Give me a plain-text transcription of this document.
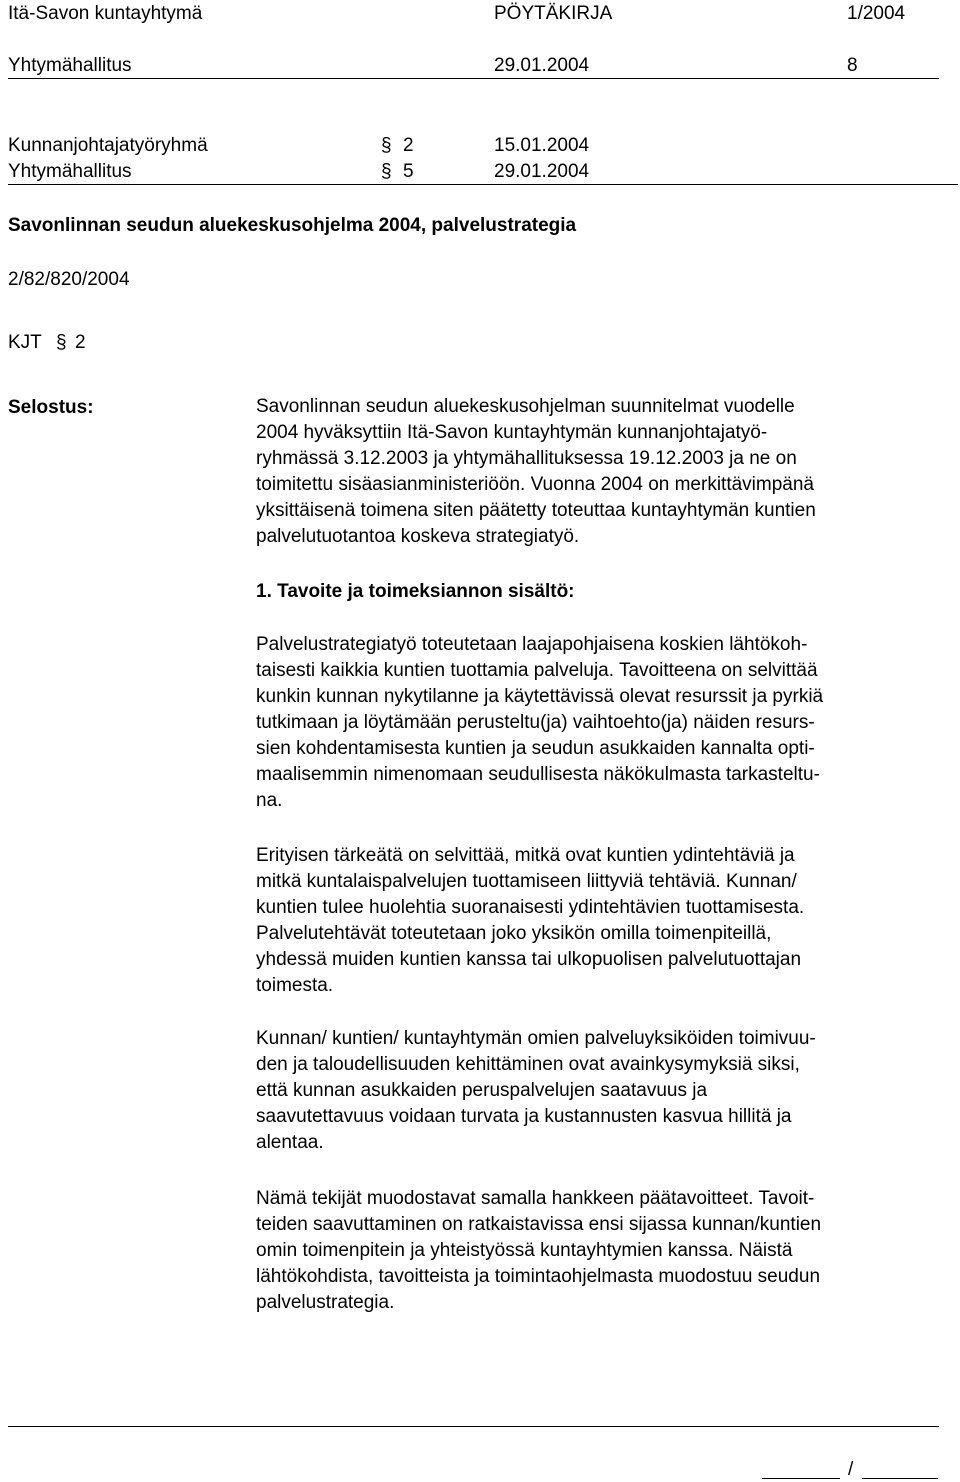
Itä-Savon kuntayhtymä	PÖYTÄKIRJA	1/2004
Yhtymähallitus	29.01.2004	8
Kunnanjohtajatyöryhmä	§ 2	15.01.2004
Yhtymähallitus	§ 5	29.01.2004
Savonlinnan seudun aluekeskusohjelma 2004, palvelustrategia
2/82/820/2004
KJT § 2
Selostus:	Savonlinnan seudun aluekeskusohjelman suunnitelmat vuodelle
2004 hyväksyttiin Itä-Savon kuntayhtymän kunnanjohtajatyö-
ryhmässä 3.12.2003 ja yhtymähallituksessa 19.12.2003 ja ne on
toimitettu sisäasianministeriöön. Vuonna 2004 on merkittävimpänä
yksittäisenä toimena siten päätetty toteuttaa kuntayhtymän kuntien
palvelutuotantoa koskeva strategiatyö.
1. Tavoite ja toimeksiannon sisältö:
Palvelustrategiatyö toteutetaan laajapohjaisena koskien lähtökoh-
taisesti kaikkia kuntien tuottamia palveluja. Tavoitteena on selvittää
kunkin kunnan nykytilanne ja käytettävissä olevat resurssit ja pyrkiä
tutkimaan ja löytämään perusteltu(ja) vaihtoehto(ja) näiden resurs-
sien kohdentamisesta kuntien ja seudun asukkaiden kannalta opti-
maalisemmin nimenomaan seudullisesta näkökulmasta tarkasteltu-
na.
Erityisen tärkeätä on selvittää, mitkä ovat kuntien ydintehtäviä ja
mitkä kuntalaispalvelujen tuottamiseen liittyviä tehtäviä. Kunnan/
kuntien tulee huolehtia suoranaisesti ydintehtävien tuottamisesta.
Palvelutehtävät toteutetaan joko yksikön omilla toimenpiteillä,
yhdessä muiden kuntien kanssa tai ulkopuolisen palvelutuottajan
toimesta.
Kunnan/ kuntien/ kuntayhtymän omien palveluyksiköiden toimivuu-
den ja taloudellisuuden kehittäminen ovat avainkysymyksiä siksi,
että kunnan asukkaiden peruspalvelujen saatavuus ja
saavutettavuus voidaan turvata ja kustannusten kasvua hillitä ja
alentaa.
Nämä tekijät muodostavat samalla hankkeen päätavoitteet. Tavoit-
teiden saavuttaminen on ratkaistavissa ensi sijassa kunnan/kuntien
omin toimenpitein ja yhteistyössä kuntayhtymien kanssa. Näistä
lähtökohdista, tavoitteista ja toimintaohjelmasta muodostuu seudun
palvelustrategia.
/
